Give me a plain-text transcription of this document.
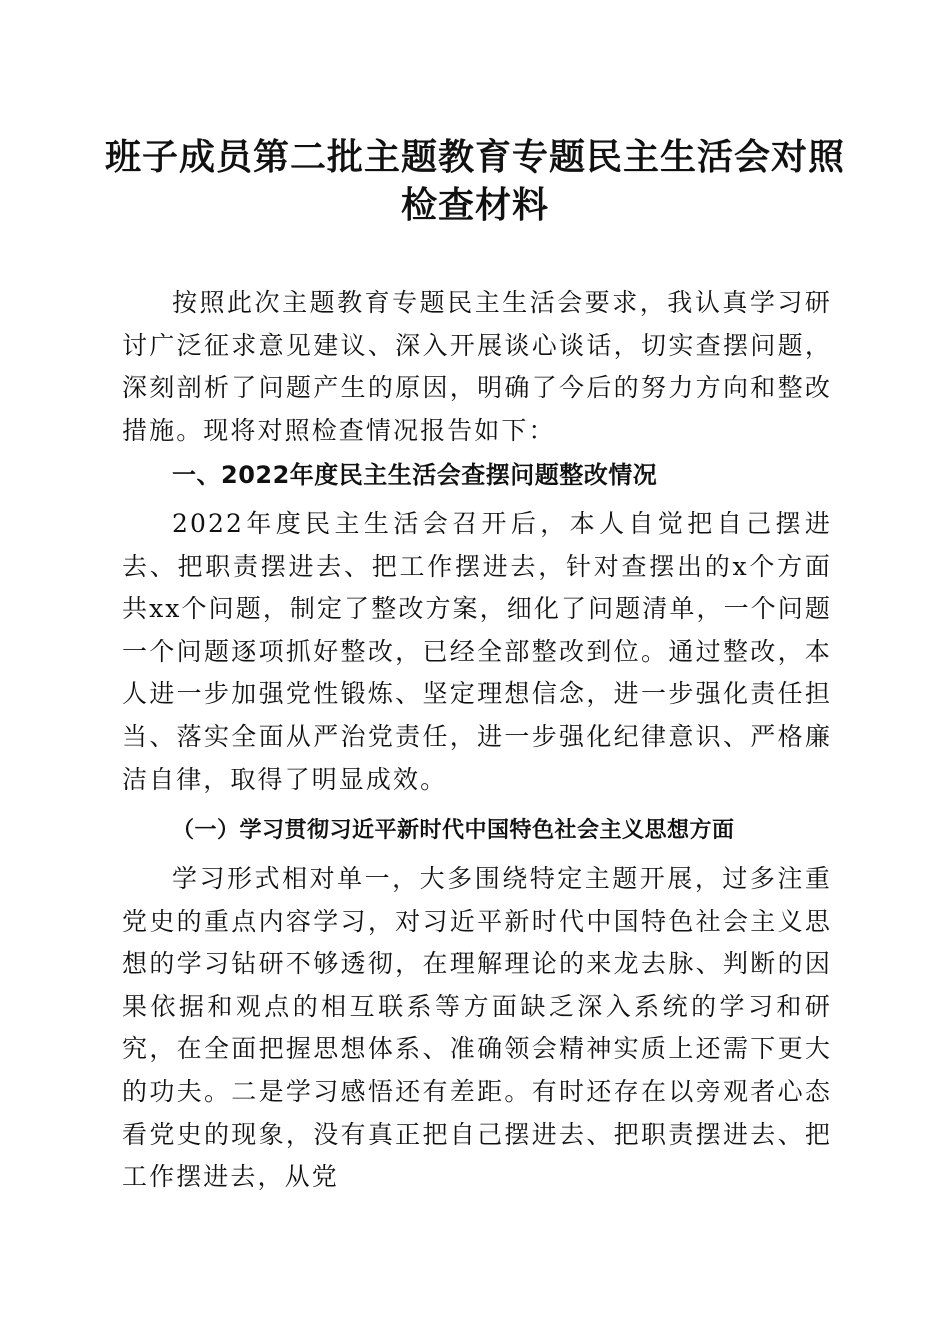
班子成员第二批主题教育专题民主生活会对照
检查材料

按照此次主题教育专题民主生活会要求，我认真学习研讨广泛征求意见建议、深入开展谈心谈话，切实查摆问题，深刻剖析了问题产生的原因，明确了今后的努力方向和整改措施。现将对照检查情况报告如下：

一、2022年度民主生活会查摆问题整改情况

2022年度民主生活会召开后，本人自觉把自己摆进去、把职责摆进去、把工作摆进去，针对查摆出的x个方面共xx个问题，制定了整改方案，细化了问题清单，一个问题一个问题逐项抓好整改，已经全部整改到位。通过整改，本人进一步加强党性锻炼、坚定理想信念，进一步强化责任担当、落实全面从严治党责任，进一步强化纪律意识、严格廉洁自律，取得了明显成效。

（一）学习贯彻习近平新时代中国特色社会主义思想方面

学习形式相对单一，大多围绕特定主题开展，过多注重党史的重点内容学习，对习近平新时代中国特色社会主义思想的学习钻研不够透彻，在理解理论的来龙去脉、判断的因果依据和观点的相互联系等方面缺乏深入系统的学习和研究，在全面把握思想体系、准确领会精神实质上还需下更大的功夫。二是学习感悟还有差距。有时还存在以旁观者心态看党史的现象，没有真正把自己摆进去、把职责摆进去、把工作摆进去，从党
